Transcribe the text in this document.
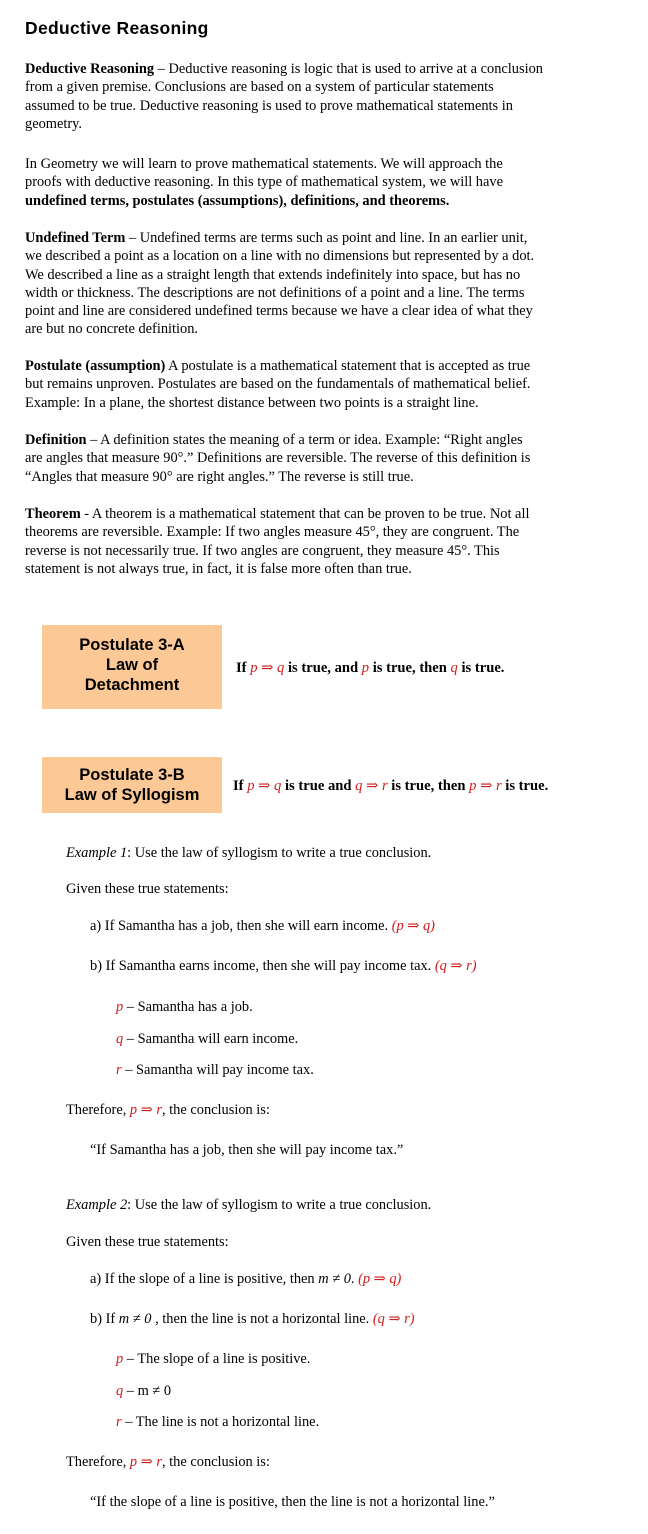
Deductive Reasoning
Deductive Reasoning – Deductive reasoning is logic that is used to arrive at a conclusion
from a given premise. Conclusions are based on a system of particular statements
assumed to be true. Deductive reasoning is used to prove mathematical statements in
geometry.
In Geometry we will learn to prove mathematical statements. We will approach the
proofs with deductive reasoning. In this type of mathematical system, we will have
undefined terms, postulates (assumptions), definitions, and theorems.
Undefined Term – Undefined terms are terms such as point and line. In an earlier unit,
we described a point as a location on a line with no dimensions but represented by a dot.
We described a line as a straight length that extends indefinitely into space, but has no
width or thickness. The descriptions are not definitions of a point and a line. The terms
point and line are considered undefined terms because we have a clear idea of what they
are but no concrete definition.
Postulate (assumption) A postulate is a mathematical statement that is accepted as true
but remains unproven. Postulates are based on the fundamentals of mathematical belief.
Example: In a plane, the shortest distance between two points is a straight line.
Definition – A definition states the meaning of a term or idea. Example: “Right angles
are angles that measure 90°.” Definitions are reversible. The reverse of this definition is
“Angles that measure 90° are right angles.” The reverse is still true.
Theorem - A theorem is a mathematical statement that can be proven to be true. Not all
theorems are reversible. Example: If two angles measure 45°, they are congruent. The
reverse is not necessarily true. If two angles are congruent, they measure 45°. This
statement is not always true, in fact, it is false more often than true.
Postulate 3-A
Law of
Detachment
If p ⇒ q is true, and p is true, then q is true.
Postulate 3-B
Law of Syllogism	If p ⇒ q is true and q ⇒ r is true, then p ⇒ r is true.
Example 1: Use the law of syllogism to write a true conclusion.
Given these true statements:
a) If Samantha has a job, then she will earn income. (p ⇒ q)
b) If Samantha earns income, then she will pay income tax. (q ⇒ r)
p – Samantha has a job.
q – Samantha will earn income.
r – Samantha will pay income tax.
Therefore, p ⇒ r, the conclusion is:
“If Samantha has a job, then she will pay income tax.”
Example 2: Use the law of syllogism to write a true conclusion.
Given these true statements:
a) If the slope of a line is positive, then m ≠ 0. (p ⇒ q)
b) If m ≠ 0 , then the line is not a horizontal line. (q ⇒ r)
p – The slope of a line is positive.
q – m ≠ 0
r – The line is not a horizontal line.
Therefore, p ⇒ r, the conclusion is:
“If the slope of a line is positive, then the line is not a horizontal line.”
